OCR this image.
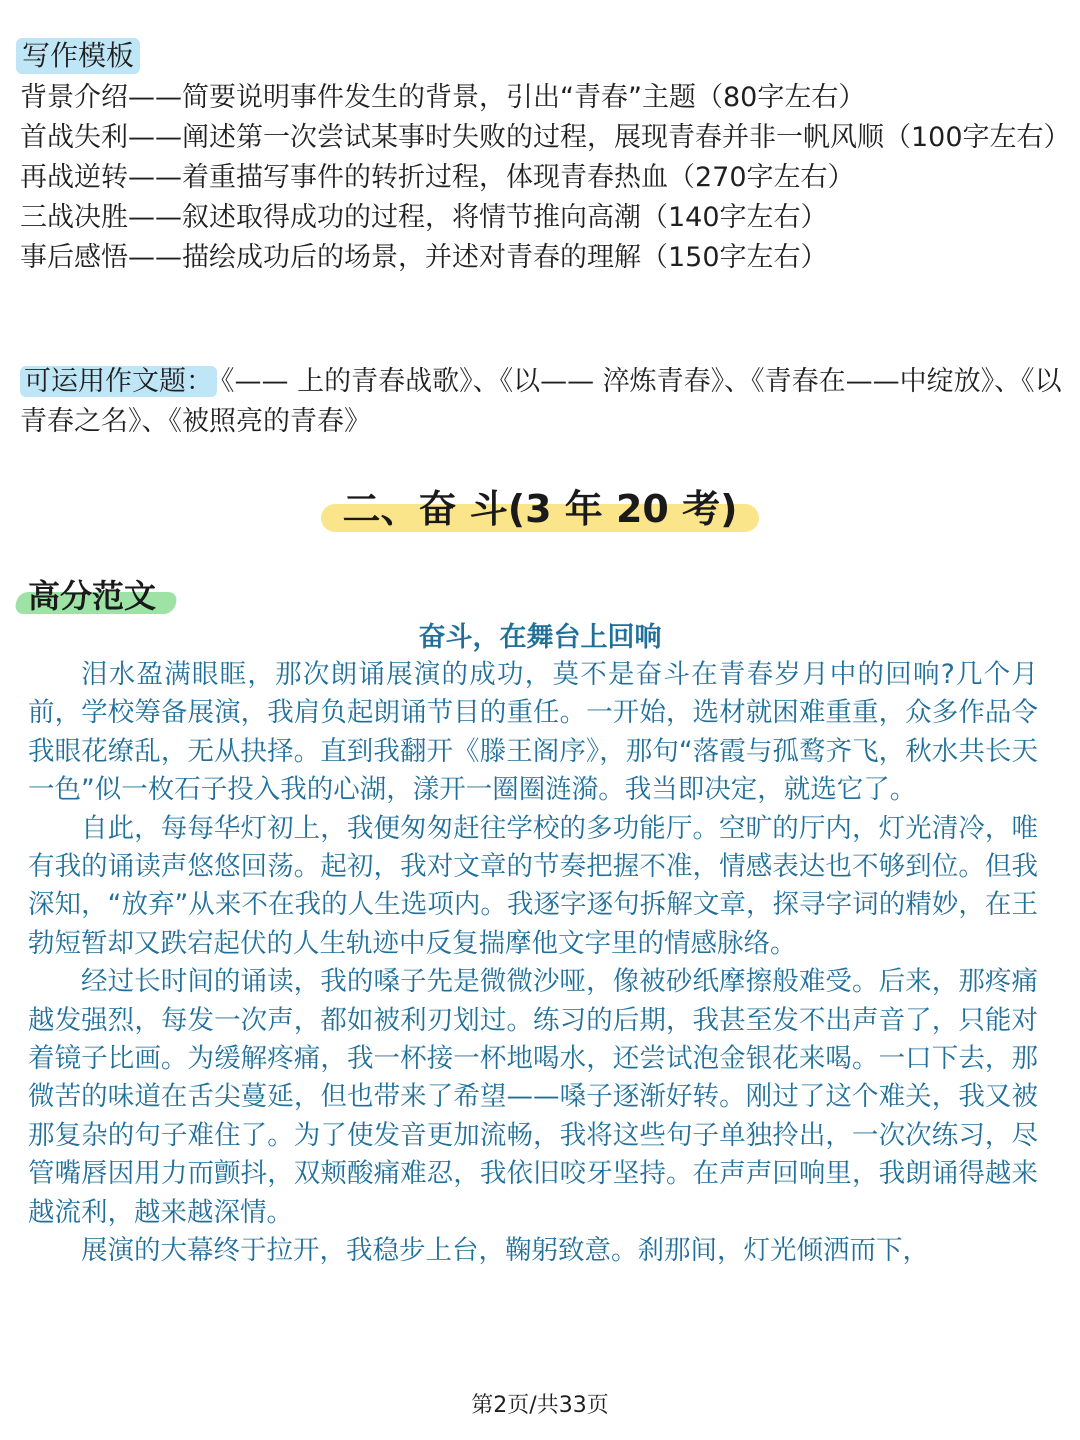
写作模板
背景介绍——简要说明事件发生的背景，引出“青春”主题（80字左右）
首战失利——阐述第一次尝试某事时失败的过程，展现青春并非一帆风顺（100字左右）
再战逆转——着重描写事件的转折过程，体现青春热血（270字左右）
三战决胜——叙述取得成功的过程，将情节推向高潮（140字左右）
事后感悟——描绘成功后的场景，并述对青春的理解（150字左右）
可运用作文题： 《—— 上的青春战歌》、《以—— 淬炼青春》、《青春在——中绽放》、《以青春之名》、《被照亮的青春》
二、奋 斗(3 年 20 考)
高分范文
奋斗，在舞台上回响

泪水盈满眼眶，那次朗诵展演的成功，莫不是奋斗在青春岁月中的回响?几个月前，学校筹备展演，我肩负起朗诵节目的重任。一开始，选材就困难重重，众多作品令我眼花缭乱，无从抉择。直到我翻开《滕王阁序》，那句“落霞与孤鹜齐飞，秋水共长天一色”似一枚石子投入我的心湖，漾开一圈圈涟漪。我当即决定，就选它了。

自此，每每华灯初上，我便匆匆赶往学校的多功能厅。空旷的厅内，灯光清冷，唯有我的诵读声悠悠回荡。起初，我对文章的节奏把握不准，情感表达也不够到位。但我深知，“放弃”从来不在我的人生选项内。我逐字逐句拆解文章，探寻字词的精妙，在王勃短暂却又跌宕起伏的人生轨迹中反复揣摩他文字里的情感脉络。

经过长时间的诵读，我的嗓子先是微微沙哑，像被砂纸摩擦般难受。后来，那疼痛越发强烈，每发一次声，都如被利刃划过。练习的后期，我甚至发不出声音了，只能对着镜子比画。为缓解疼痛，我一杯接一杯地喝水，还尝试泡金银花来喝。一口下去，那微苦的味道在舌尖蔓延，但也带来了希望——嗓子逐渐好转。刚过了这个难关，我又被那复杂的句子难住了。为了使发音更加流畅，我将这些句子单独拎出，一次次练习，尽管嘴唇因用力而颤抖，双颊酸痛难忍，我依旧咬牙坚持。在声声回响里，我朗诵得越来越流利，越来越深情。

展演的大幕终于拉开，我稳步上台，鞠躬致意。刹那间，灯光倾洒而下，

第2页/共33页
